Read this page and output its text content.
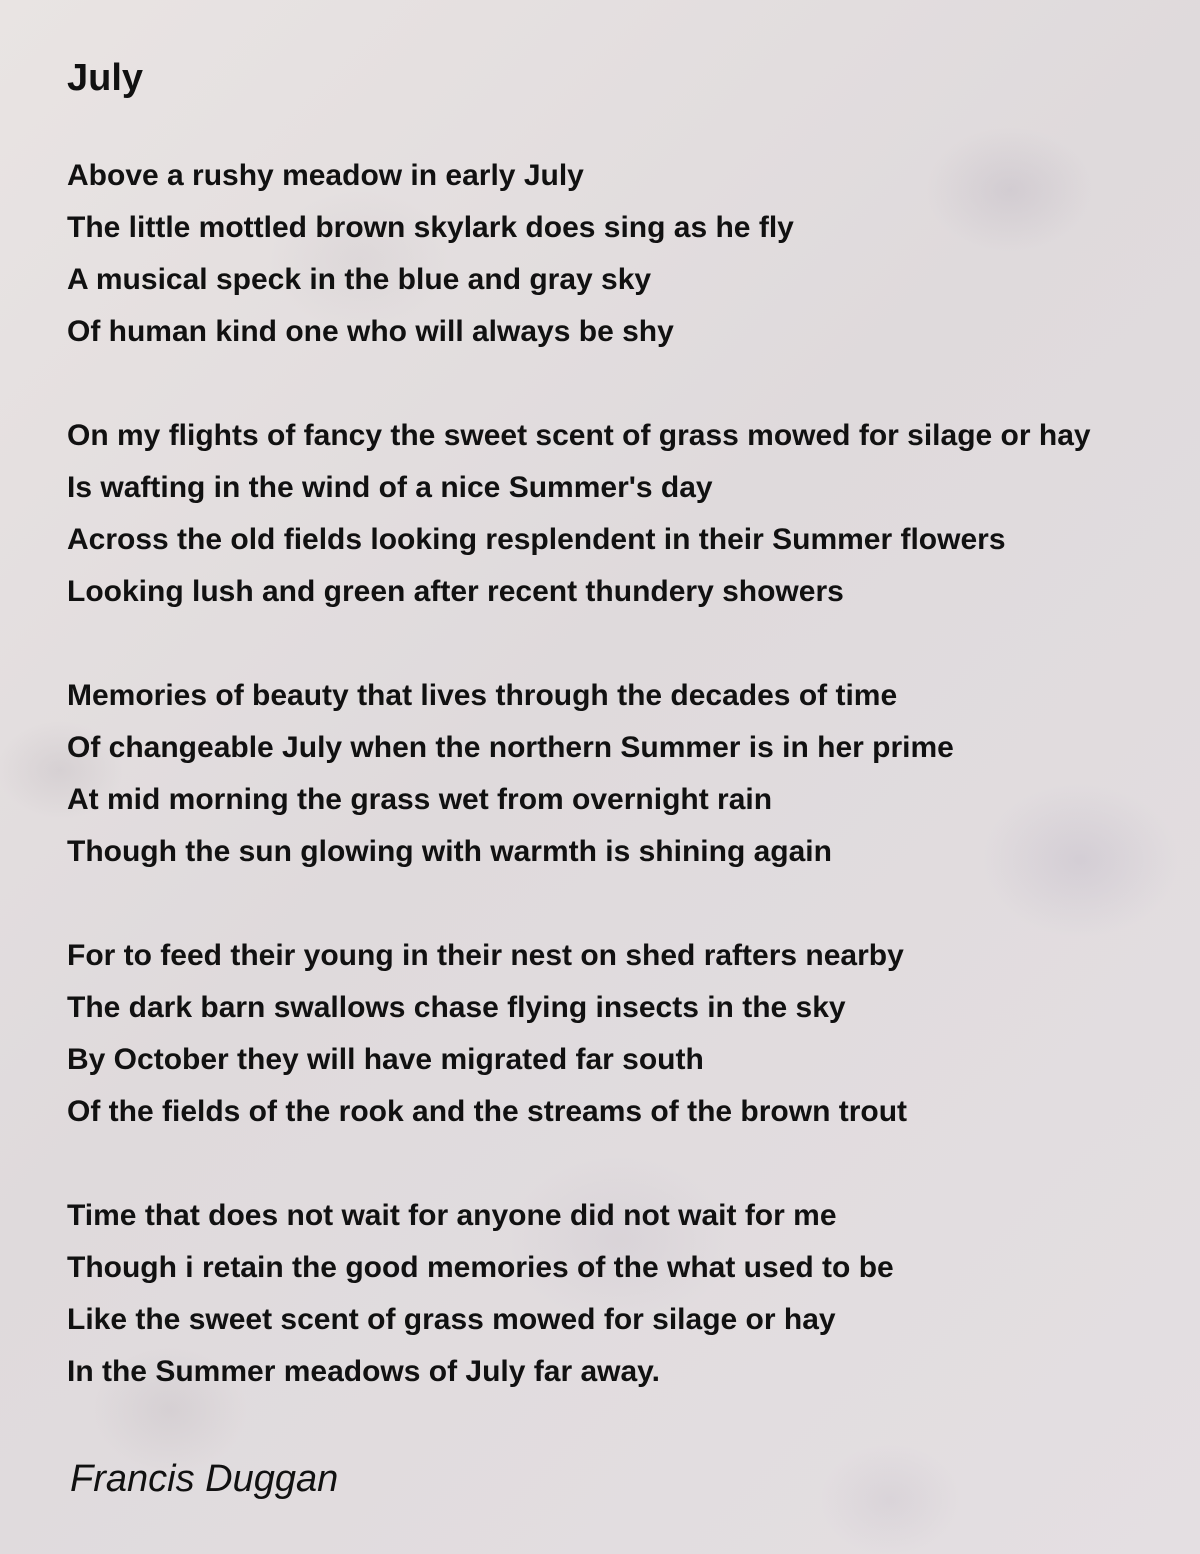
July
Above a rushy meadow in early July
The little mottled brown skylark does sing as he fly
A musical speck in the blue and gray sky
Of human kind one who will always be shy
On my flights of fancy the sweet scent of grass mowed for silage or hay
Is wafting in the wind of a nice Summer's day
Across the old fields looking resplendent in their Summer flowers
Looking lush and green after recent thundery showers
Memories of beauty that lives through the decades of time
Of changeable July when the northern Summer is in her prime
At mid morning the grass wet from overnight rain
Though the sun glowing with warmth is shining again
For to feed their young in their nest on shed rafters nearby
The dark barn swallows chase flying insects in the sky
By October they will have migrated far south
Of the fields of the rook and the streams of the brown trout
Time that does not wait for anyone did not wait for me
Though i retain the good memories of the what used to be
Like the sweet scent of grass mowed for silage or hay
In the Summer meadows of July far away.

Francis Duggan
